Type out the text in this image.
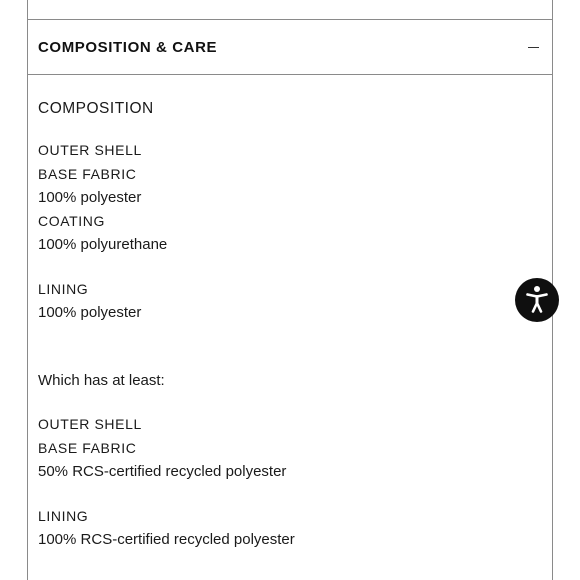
COMPOSITION & CARE
COMPOSITION
OUTER SHELL
BASE FABRIC
100% polyester
COATING
100% polyurethane
LINING
100% polyester
Which has at least:
OUTER SHELL
BASE FABRIC
50% RCS-certified recycled polyester
LINING
100% RCS-certified recycled polyester
